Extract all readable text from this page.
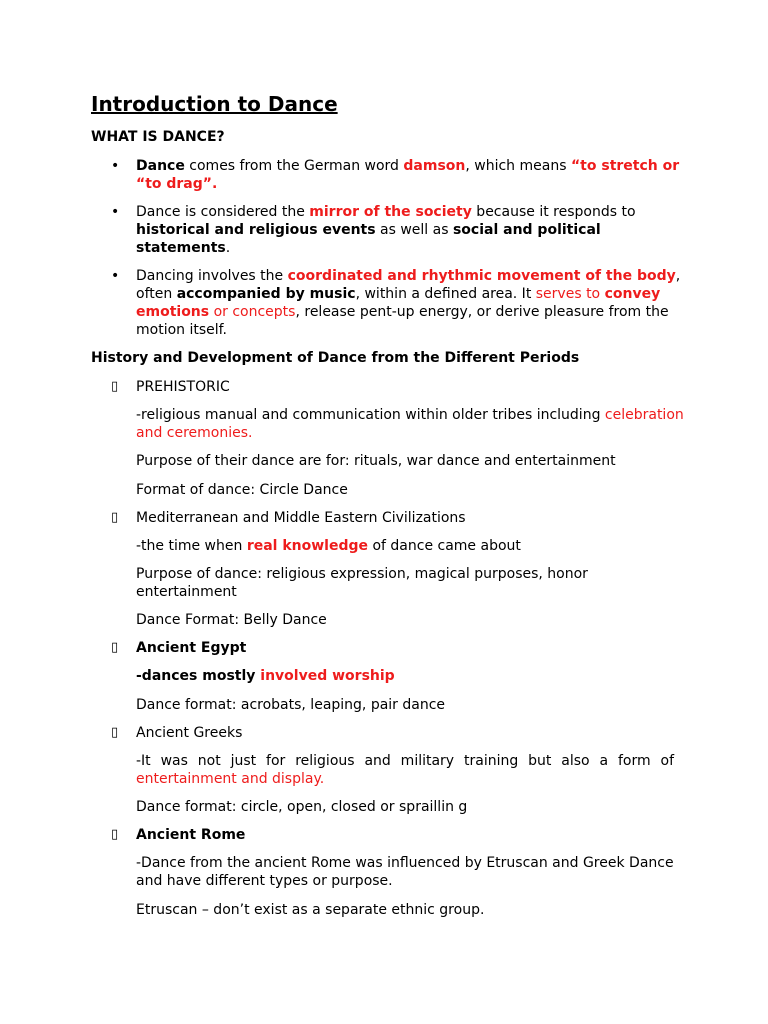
Introduction to Dance
WHAT IS DANCE?
• Dance comes from the German word damson, which means “to stretch or
“to drag”.
• Dance is considered the mirror of the society because it responds to
historical and religious events as well as social and political
statements.
• Dancing involves the coordinated and rhythmic movement of the body,
often accompanied by music, within a defined area. It serves to convey
emotions or concepts, release pent-up energy, or derive pleasure from the
motion itself.
History and Development of Dance from the Different Periods
▯ PREHISTORIC
-religious manual and communication within older tribes including celebration
and ceremonies.
Purpose of their dance are for: rituals, war dance and entertainment
Format of dance: Circle Dance
▯ Mediterranean and Middle Eastern Civilizations
-the time when real knowledge of dance came about
Purpose of dance: religious expression, magical purposes, honor
entertainment
Dance Format: Belly Dance
▯ Ancient Egypt
-dances mostly involved worship
Dance format: acrobats, leaping, pair dance
▯ Ancient Greeks
-It was not just for religious and military training but also a form of entertainment and display.
Dance format: circle, open, closed or spraillin g
▯ Ancient Rome
-Dance from the ancient Rome was influenced by Etruscan and Greek Dance
and have different types or purpose.
Etruscan – don’t exist as a separate ethnic group.
